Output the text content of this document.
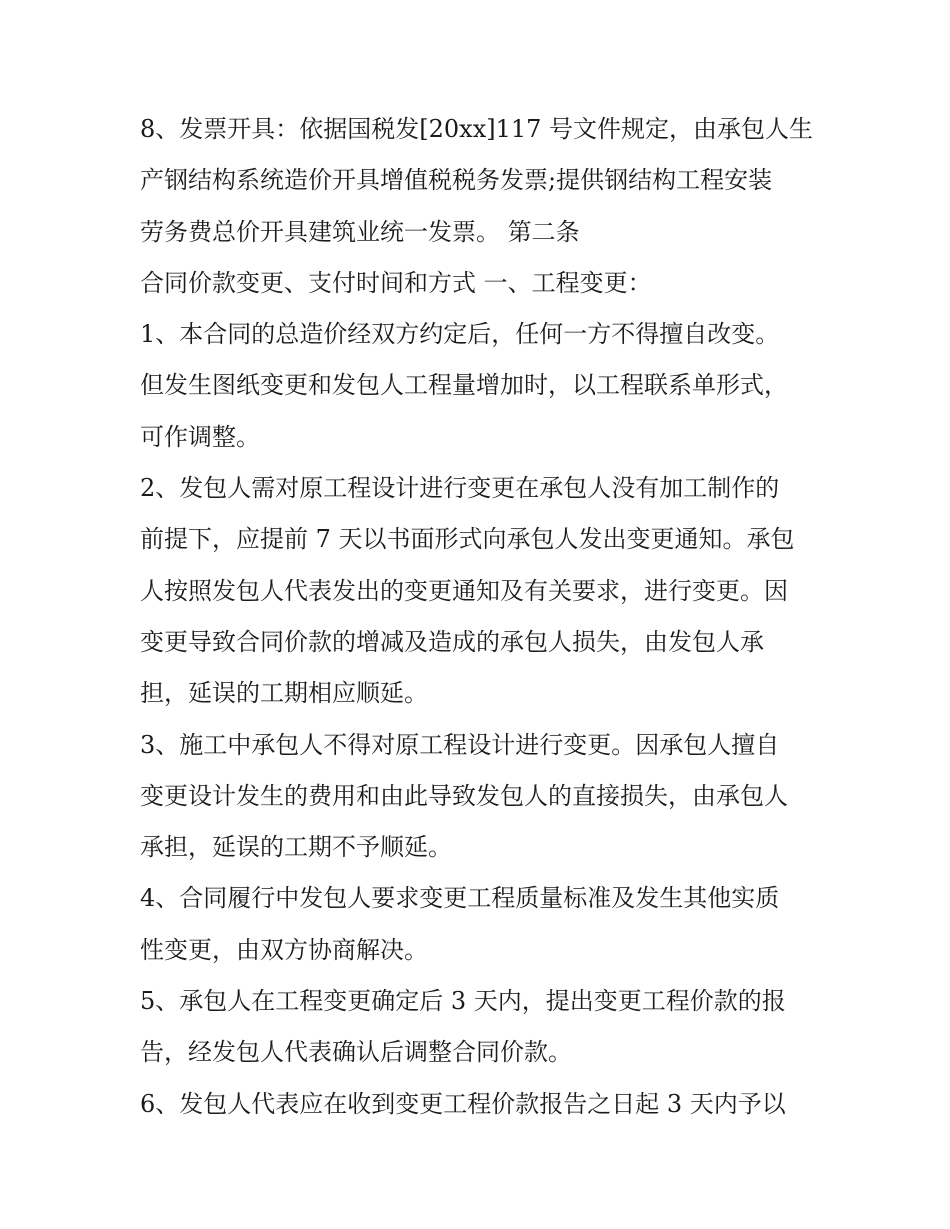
8、发票开具：依据国税发[20xx]117 号文件规定，由承包人生
产钢结构系统造价开具增值税税务发票;提供钢结构工程安装
劳务费总价开具建筑业统一发票。 第二条
合同价款变更、支付时间和方式 一、工程变更：
1、本合同的总造价经双方约定后，任何一方不得擅自改变。
但发生图纸变更和发包人工程量增加时，以工程联系单形式，
可作调整。
2、发包人需对原工程设计进行变更在承包人没有加工制作的
前提下，应提前 7 天以书面形式向承包人发出变更通知。承包
人按照发包人代表发出的变更通知及有关要求，进行变更。因
变更导致合同价款的增减及造成的承包人损失，由发包人承
担，延误的工期相应顺延。
3、施工中承包人不得对原工程设计进行变更。因承包人擅自
变更设计发生的费用和由此导致发包人的直接损失，由承包人
承担，延误的工期不予顺延。
4、合同履行中发包人要求变更工程质量标准及发生其他实质
性变更，由双方协商解决。
5、承包人在工程变更确定后 3 天内，提出变更工程价款的报
告，经发包人代表确认后调整合同价款。
6、发包人代表应在收到变更工程价款报告之日起 3 天内予以
